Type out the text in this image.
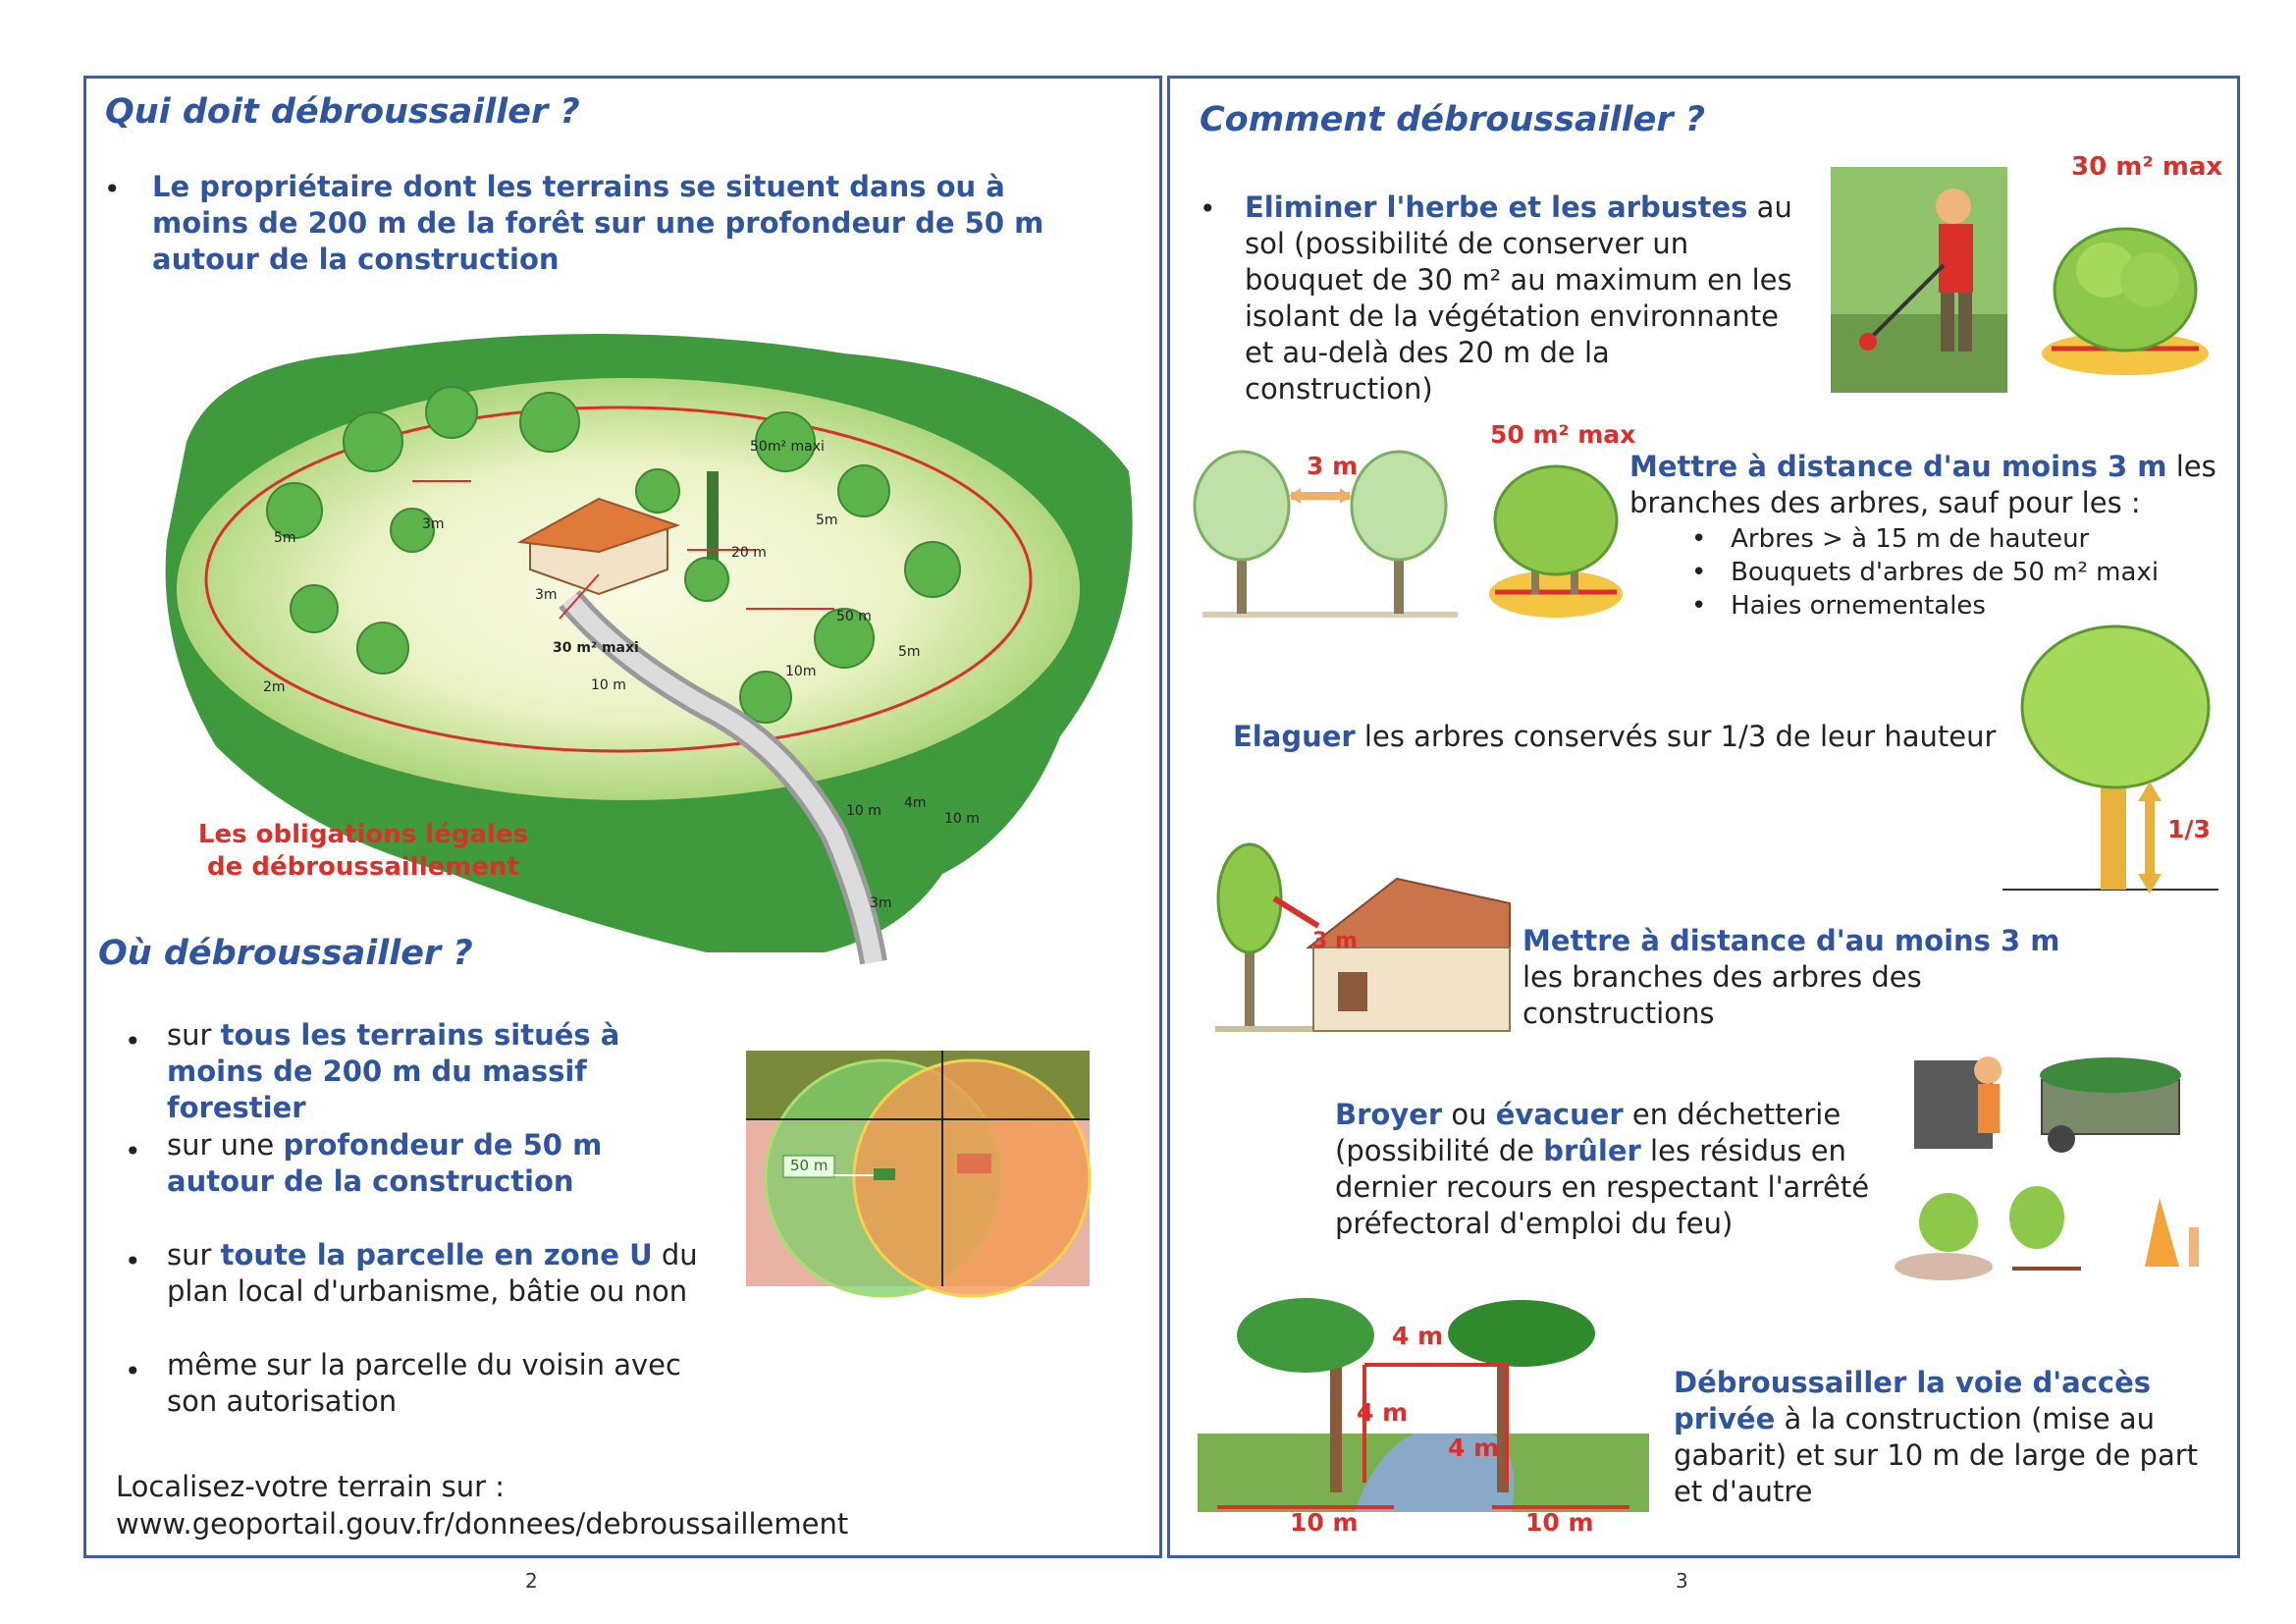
Qui doit débroussailler ?
• Le propriétaire dont les terrains se situent dans ou à moins de 200 m de la forêt sur une profondeur de 50 m autour de la construction
50m² maxi
5m
3m	5m
20 m
3m
50 m
30 m² maxi	5m
10m
10 m
2m
10 m 4m
10 m
3m
Les obligations légales de débroussaillement
Où débroussailler ?
• sur tous les terrains situés à moins de 200 m du massif forestier
• sur une profondeur de 50 m autour de la construction
• sur toute la parcelle en zone U du plan local d'urbanisme, bâtie ou non
• même sur la parcelle du voisin avec son autorisation
50 m
Localisez-votre terrain sur :
www.geoportail.gouv.fr/donnees/debroussaillement
2
Comment débroussailler ?
• Eliminer l'herbe et les arbustes au sol (possibilité de conserver un bouquet de 30 m² au maximum en les isolant de la végétation environnante et au-delà des 20 m de la construction)
30 m² max
3 m
50 m² max
Mettre à distance d'au moins 3 m les branches des arbres, sauf pour les :
•   Arbres > à 15 m de hauteur
•   Bouquets d'arbres de 50 m² maxi
•   Haies ornementales
Elaguer les arbres conservés sur 1/3 de leur hauteur
1/3
3 m	Mettre à distance d'au moins 3 m
les branches des arbres des constructions
Broyer ou évacuer en déchetterie (possibilité de brûler les résidus en dernier recours en respectant l'arrêté préfectoral d'emploi du feu)
4 m
4 m
4 m
10 m	10 m
Débroussailler la voie d'accès privée à la construction (mise au gabarit) et sur 10 m de large de part et d'autre
3
